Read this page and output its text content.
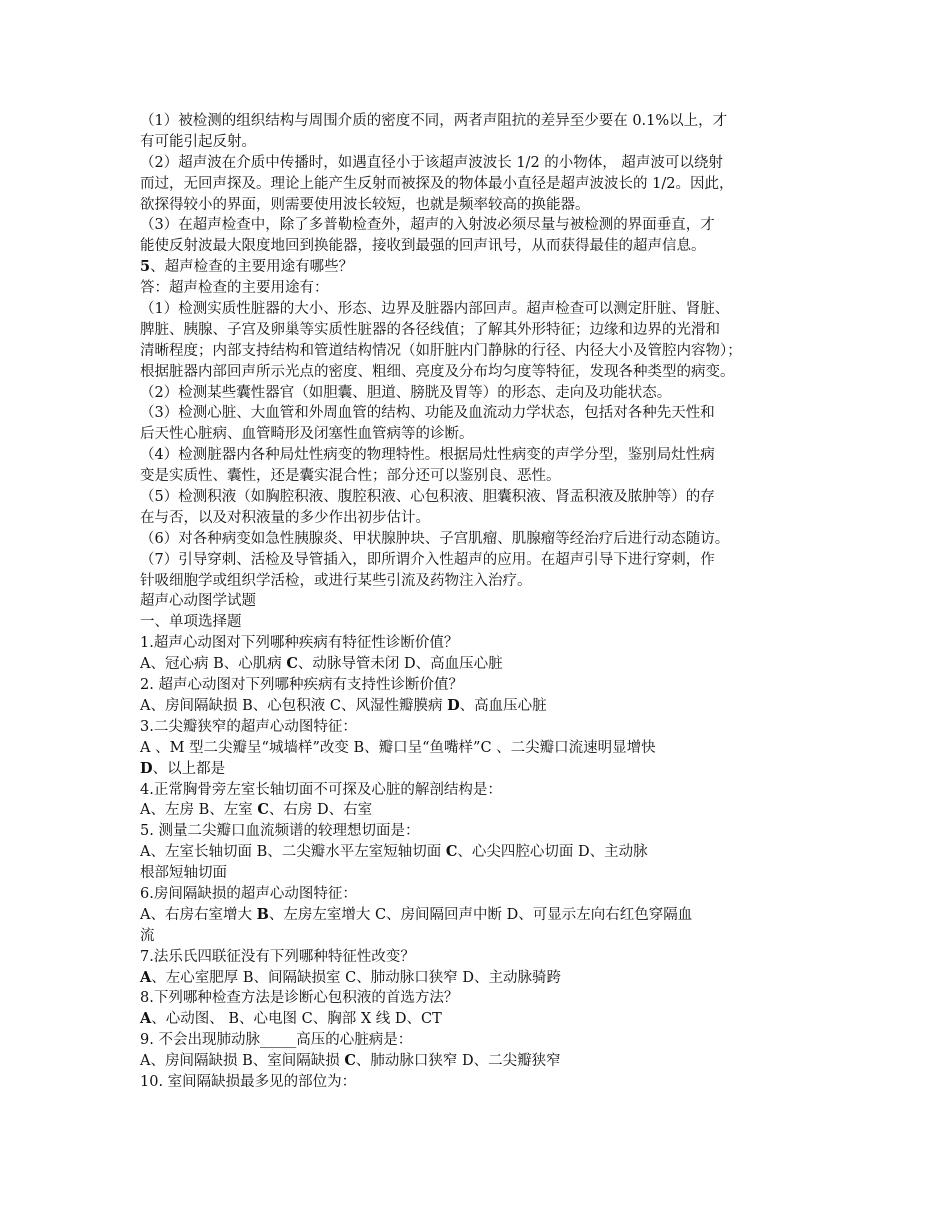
（1）被检测的组织结构与周围介质的密度不同，两者声阻抗的差异至少要在 0.1%以上，才
有可能引起反射。
（2）超声波在介质中传播时，如遇直径小于该超声波波长 1/2 的小物体， 超声波可以绕射
而过，无回声探及。理论上能产生反射而被探及的物体最小直径是超声波波长的 1/2。因此，
欲探得较小的界面，则需要使用波长较短，也就是频率较高的换能器。
（3）在超声检查中，除了多普勒检查外，超声的入射波必须尽量与被检测的界面垂直，才
能使反射波最大限度地回到换能器，接收到最强的回声讯号，从而获得最佳的超声信息。
5、超声检查的主要用途有哪些？
答：超声检查的主要用途有：
（1）检测实质性脏器的大小、形态、边界及脏器内部回声。超声检查可以测定肝脏、肾脏、
脾脏、胰腺、子宫及卵巢等实质性脏器的各径线值；了解其外形特征；边缘和边界的光滑和
清晰程度；内部支持结构和管道结构情况（如肝脏内门静脉的行径、内径大小及管腔内容物）；
根据脏器内部回声所示光点的密度、粗细、亮度及分布均匀度等特征，发现各种类型的病变。
（2）检测某些囊性器官（如胆囊、胆道、膀胱及胃等）的形态、走向及功能状态。
（3）检测心脏、大血管和外周血管的结构、功能及血流动力学状态，包括对各种先天性和
后天性心脏病、血管畸形及闭塞性血管病等的诊断。
（4）检测脏器内各种局灶性病变的物理特性。根据局灶性病变的声学分型，鉴别局灶性病
变是实质性、囊性，还是囊实混合性；部分还可以鉴别良、恶性。
（5）检测积液（如胸腔积液、腹腔积液、心包积液、胆囊积液、肾盂积液及脓肿等）的存
在与否，以及对积液量的多少作出初步估计。
（6）对各种病变如急性胰腺炎、甲状腺肿块、子宫肌瘤、肌腺瘤等经治疗后进行动态随访。
（7）引导穿刺、活检及导管插入，即所谓介入性超声的应用。在超声引导下进行穿刺，作
针吸细胞学或组织学活检，或进行某些引流及药物注入治疗。
超声心动图学试题
一、单项选择题
1.超声心动图对下列哪种疾病有特征性诊断价值？
A、冠心病 B、心肌病 C、动脉导管未闭 D、高血压心脏
2. 超声心动图对下列哪种疾病有支持性诊断价值？
A、房间隔缺损 B、心包积液 C、风湿性瓣膜病 D、高血压心脏
3.二尖瓣狭窄的超声心动图特征：
A 、M 型二尖瓣呈“城墙样”改变 B、瓣口呈“鱼嘴样”C 、二尖瓣口流速明显增快
D、以上都是
4.正常胸骨旁左室长轴切面不可探及心脏的解剖结构是：
A、左房 B、左室 C、右房 D、右室
5. 测量二尖瓣口血流频谱的较理想切面是：
A、左室长轴切面 B、二尖瓣水平左室短轴切面 C、心尖四腔心切面 D、主动脉
根部短轴切面
6.房间隔缺损的超声心动图特征：
A、右房右室增大 B、左房左室增大 C、房间隔回声中断 D、可显示左向右红色穿隔血
流
7.法乐氏四联征没有下列哪种特征性改变？
A、左心室肥厚 B、间隔缺损室 C、肺动脉口狭窄 D、主动脉骑跨
8.下列哪种检查方法是诊断心包积液的首选方法？
A、心动图、 B、心电图 C、胸部 X 线 D、CT
9. 不会出现肺动脉_____高压的心脏病是：
A、房间隔缺损 B、室间隔缺损 C、肺动脉口狭窄 D、二尖瓣狭窄
10. 室间隔缺损最多见的部位为：
